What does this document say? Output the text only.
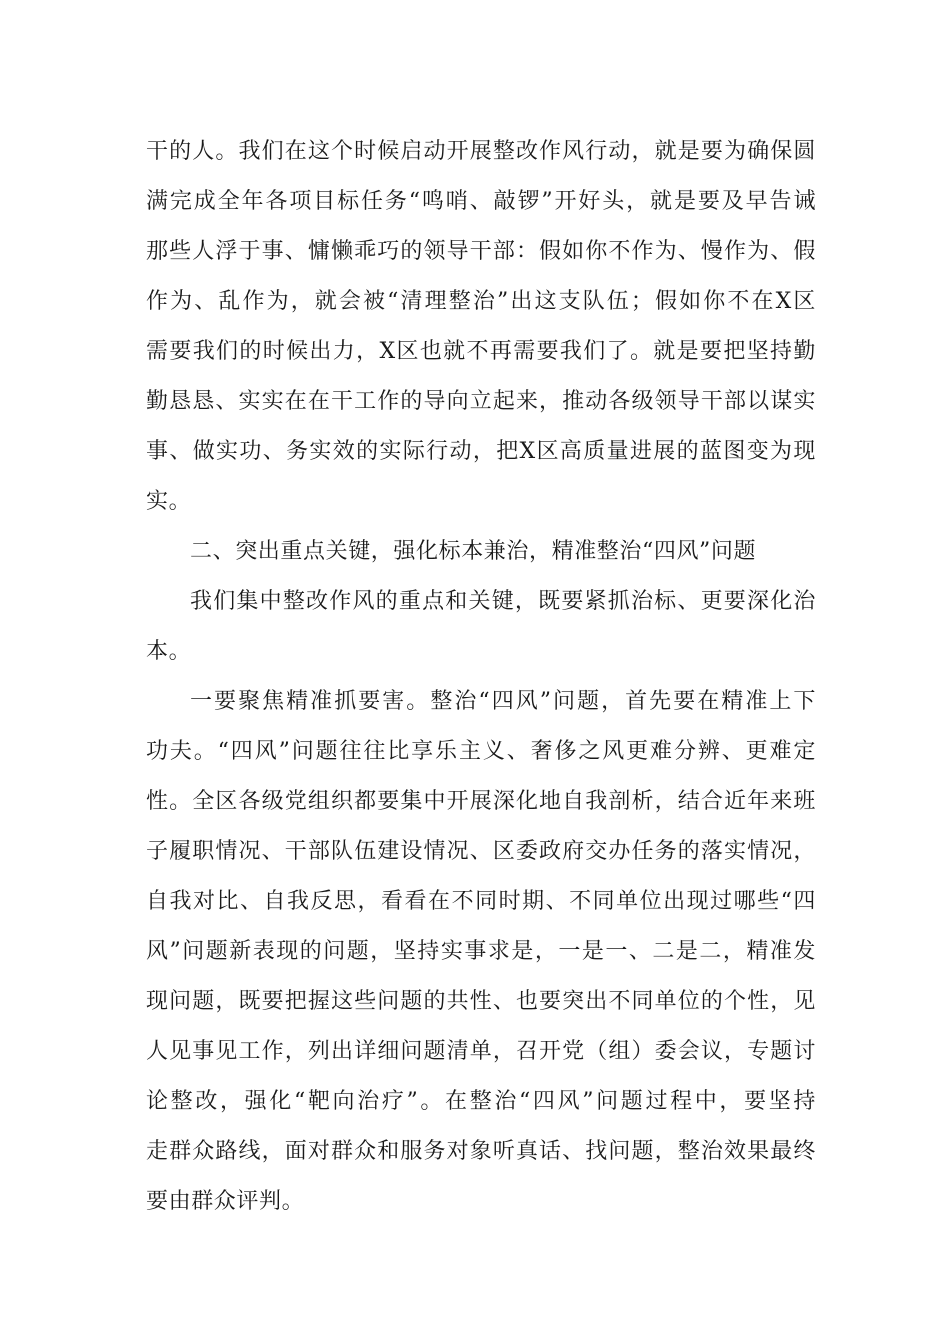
干的人。我们在这个时候启动开展整改作风行动，就是要为确保圆
满完成全年各项目标任务“鸣哨、敲锣”开好头，就是要及早告诫
那些人浮于事、慵懒乖巧的领导干部：假如你不作为、慢作为、假
作为、乱作为，就会被“清理整治”出这支队伍；假如你不在X区
需要我们的时候出力，X区也就不再需要我们了。就是要把坚持勤
勤恳恳、实实在在干工作的导向立起来，推动各级领导干部以谋实
事、做实功、务实效的实际行动，把X区高质量进展的蓝图变为现
实。
二、突出重点关键，强化标本兼治，精准整治“四风”问题
我们集中整改作风的重点和关键，既要紧抓治标、更要深化治
本。
一要聚焦精准抓要害。整治“四风”问题，首先要在精准上下
功夫。“四风”问题往往比享乐主义、奢侈之风更难分辨、更难定
性。全区各级党组织都要集中开展深化地自我剖析，结合近年来班
子履职情况、干部队伍建设情况、区委政府交办任务的落实情况，
自我对比、自我反思，看看在不同时期、不同单位出现过哪些“四
风”问题新表现的问题，坚持实事求是，一是一、二是二，精准发
现问题，既要把握这些问题的共性、也要突出不同单位的个性，见
人见事见工作，列出详细问题清单，召开党（组）委会议，专题讨
论整改，强化“靶向治疗”。在整治“四风”问题过程中，要坚持
走群众路线，面对群众和服务对象听真话、找问题，整治效果最终
要由群众评判。
